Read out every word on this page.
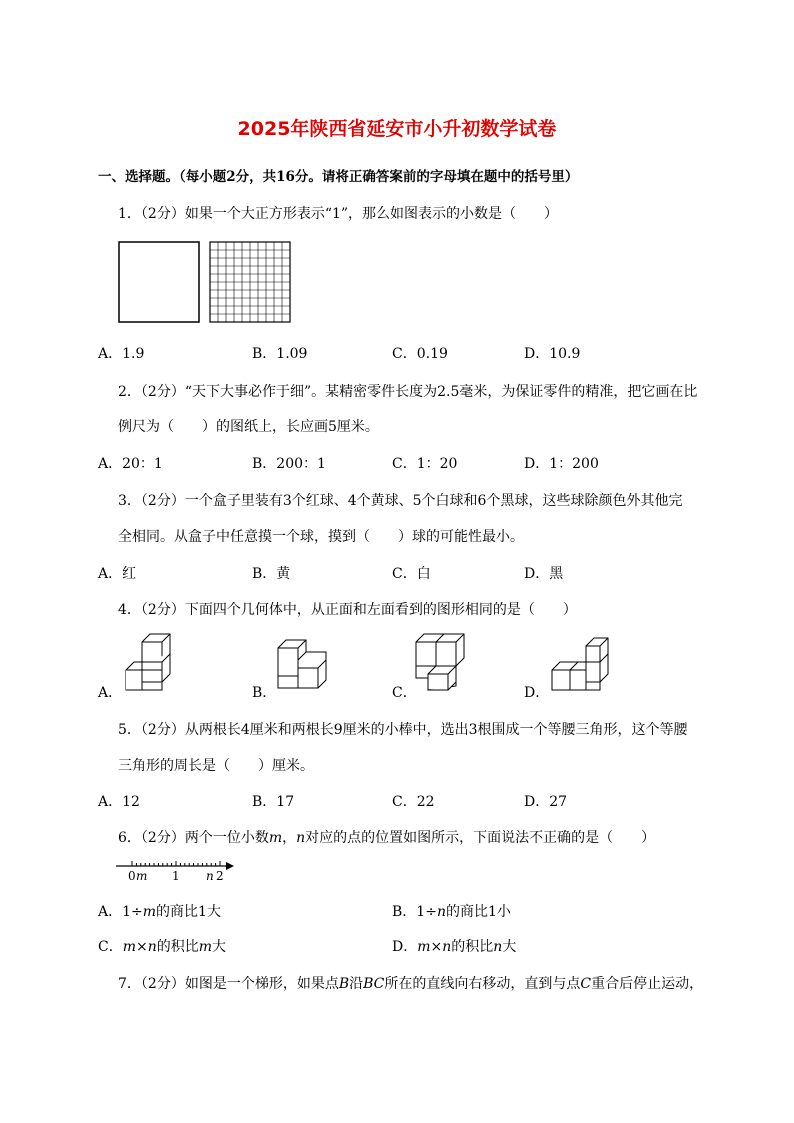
2025年陕西省延安市小升初数学试卷
一、选择题。（每小题2分，共16分。请将正确答案前的字母填在题中的括号里）
1．（2分）如果一个大正方形表示“1”，那么如图表示的小数是（　　）
A．1.9	B．1.09	C．0.19	D．10.9
2．（2分）“天下大事必作于细”。某精密零件长度为2.5毫米，为保证零件的精准，把它画在比
例尺为（　　）的图纸上，长应画5厘米。
A．20：1	B．200：1	C．1：20	D．1：200
3．（2分）一个盒子里装有3个红球、4个黄球、5个白球和6个黑球，这些球除颜色外其他完
全相同。从盒子中任意摸一个球，摸到（　　）球的可能性最小。
A．红	B．黄	C．白	D．黑
4．（2分）下面四个几何体中，从正面和左面看到的图形相同的是（　　）
A．	B．	C．	D．
5．（2分）从两根长4厘米和两根长9厘米的小棒中，选出3根围成一个等腰三角形，这个等腰
三角形的周长是（　　）厘米。
A．12	B．17	C．22	D．27
6．（2分）两个一位小数m，n对应的点的位置如图所示，下面说法不正确的是（　　）
0 m 1 n 2
A．1÷m的商比1大	B．1÷n的商比1小
C．m×n的积比m大	D．m×n的积比n大
7．（2分）如图是一个梯形，如果点B沿BC所在的直线向右移动，直到与点C重合后停止运动，
